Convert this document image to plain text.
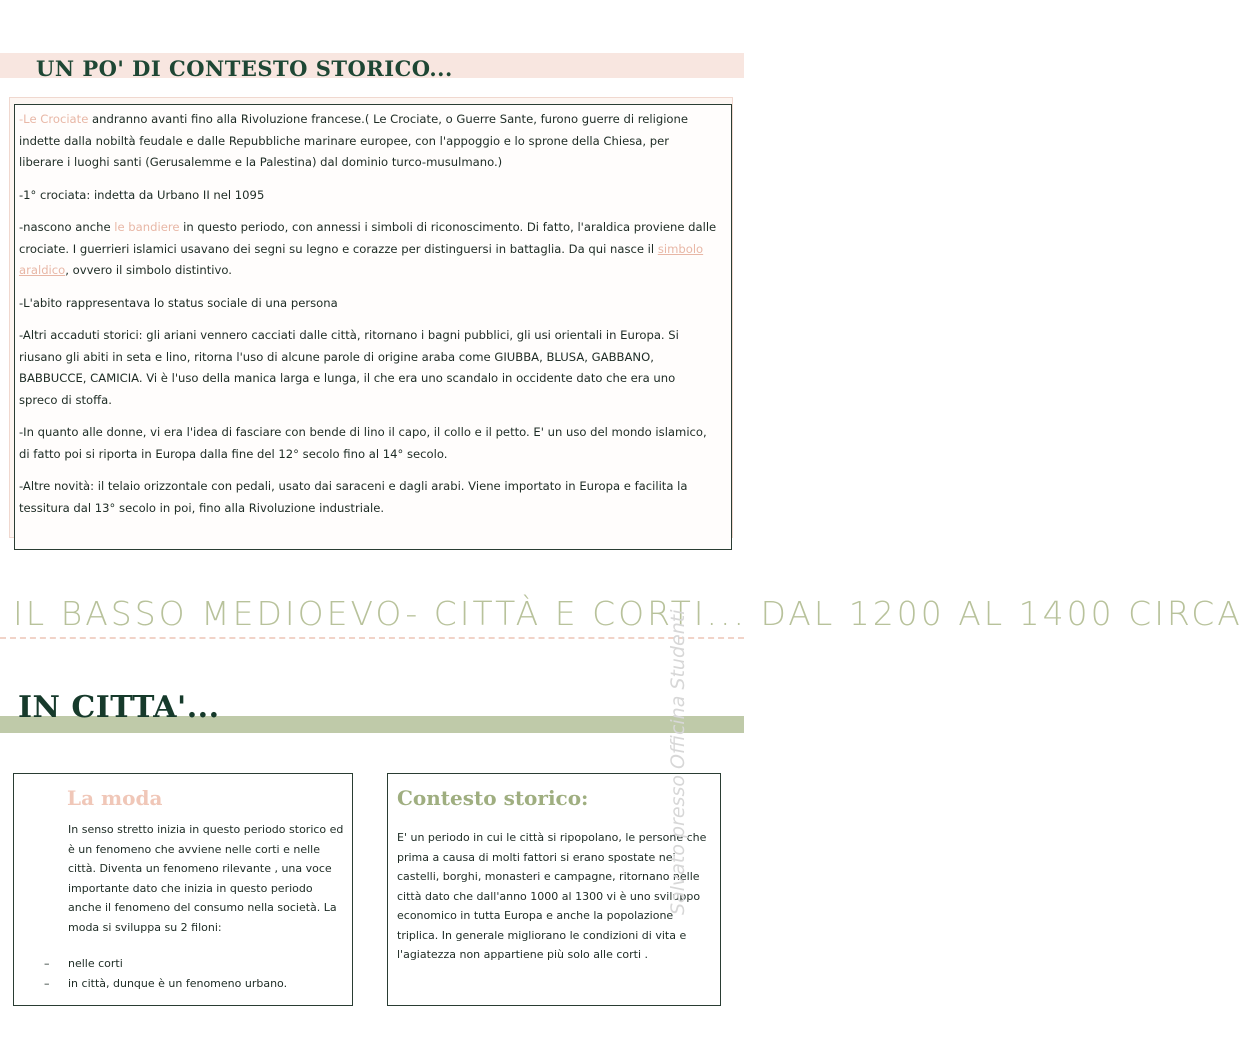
UN PO' DI CONTESTO STORICO...

-Le Crociate andranno avanti fino alla Rivoluzione francese.( Le Crociate, o Guerre Sante, furono guerre di religione indette dalla nobiltà feudale e dalle Repubbliche marinare europee, con l'appoggio e lo sprone della Chiesa, per liberare i luoghi santi (Gerusalemme e la Palestina) dal dominio turco-musulmano.)

-1° crociata: indetta da Urbano II nel 1095

-nascono anche le bandiere in questo periodo, con annessi i simboli di riconoscimento. Di fatto, l'araldica proviene dalle crociate. I guerrieri islamici usavano dei segni su legno e corazze per distinguersi in battaglia. Da qui nasce il simbolo araldico, ovvero il simbolo distintivo.

-L'abito rappresentava lo status sociale di una persona

-Altri accaduti storici: gli ariani vennero cacciati dalle città, ritornano i bagni pubblici, gli usi orientali in Europa. Si riusano gli abiti in seta e lino, ritorna l'uso di alcune parole di origine araba come GIUBBA, BLUSA, GABBANO, BABBUCCE, CAMICIA. Vi è l'uso della manica larga e lunga, il che era uno scandalo in occidente dato che era uno spreco di stoffa.

-In quanto alle donne, vi era l'idea di fasciare con bende di lino il capo, il collo e il petto. E' un uso del mondo islamico, di fatto poi si riporta in Europa dalla fine del 12° secolo fino al 14° secolo.

-Altre novità: il telaio orizzontale con pedali, usato dai saraceni e dagli arabi. Viene importato in Europa e facilita la tessitura dal 13° secolo in poi, fino alla Rivoluzione industriale.

IL BASSO MEDIOEVO- CITTÀ E CORTI... DAL 1200 AL 1400 CIRCA
IN CITTA'...
La moda
In senso stretto inizia in questo periodo storico ed è un fenomeno che avviene nelle corti e nelle città. Diventa un fenomeno rilevante , una voce importante dato che inizia in questo periodo anche il fenomeno del consumo nella società. La moda si sviluppa su 2 filoni:
– nelle corti
– in città, dunque è un fenomeno urbano.
Contesto storico:
E' un periodo in cui le città si ripopolano, le persone che prima a causa di molti fattori si erano spostate nei castelli, borghi, monasteri e campagne, ritornano nelle città dato che dall'anno 1000 al 1300 vi è uno sviluppo economico in tutta Europa e anche la popolazione triplica. In generale migliorano le condizioni di vita e l'agiatezza non appartiene più solo alle corti .
Salvato presso Officina Studenti
